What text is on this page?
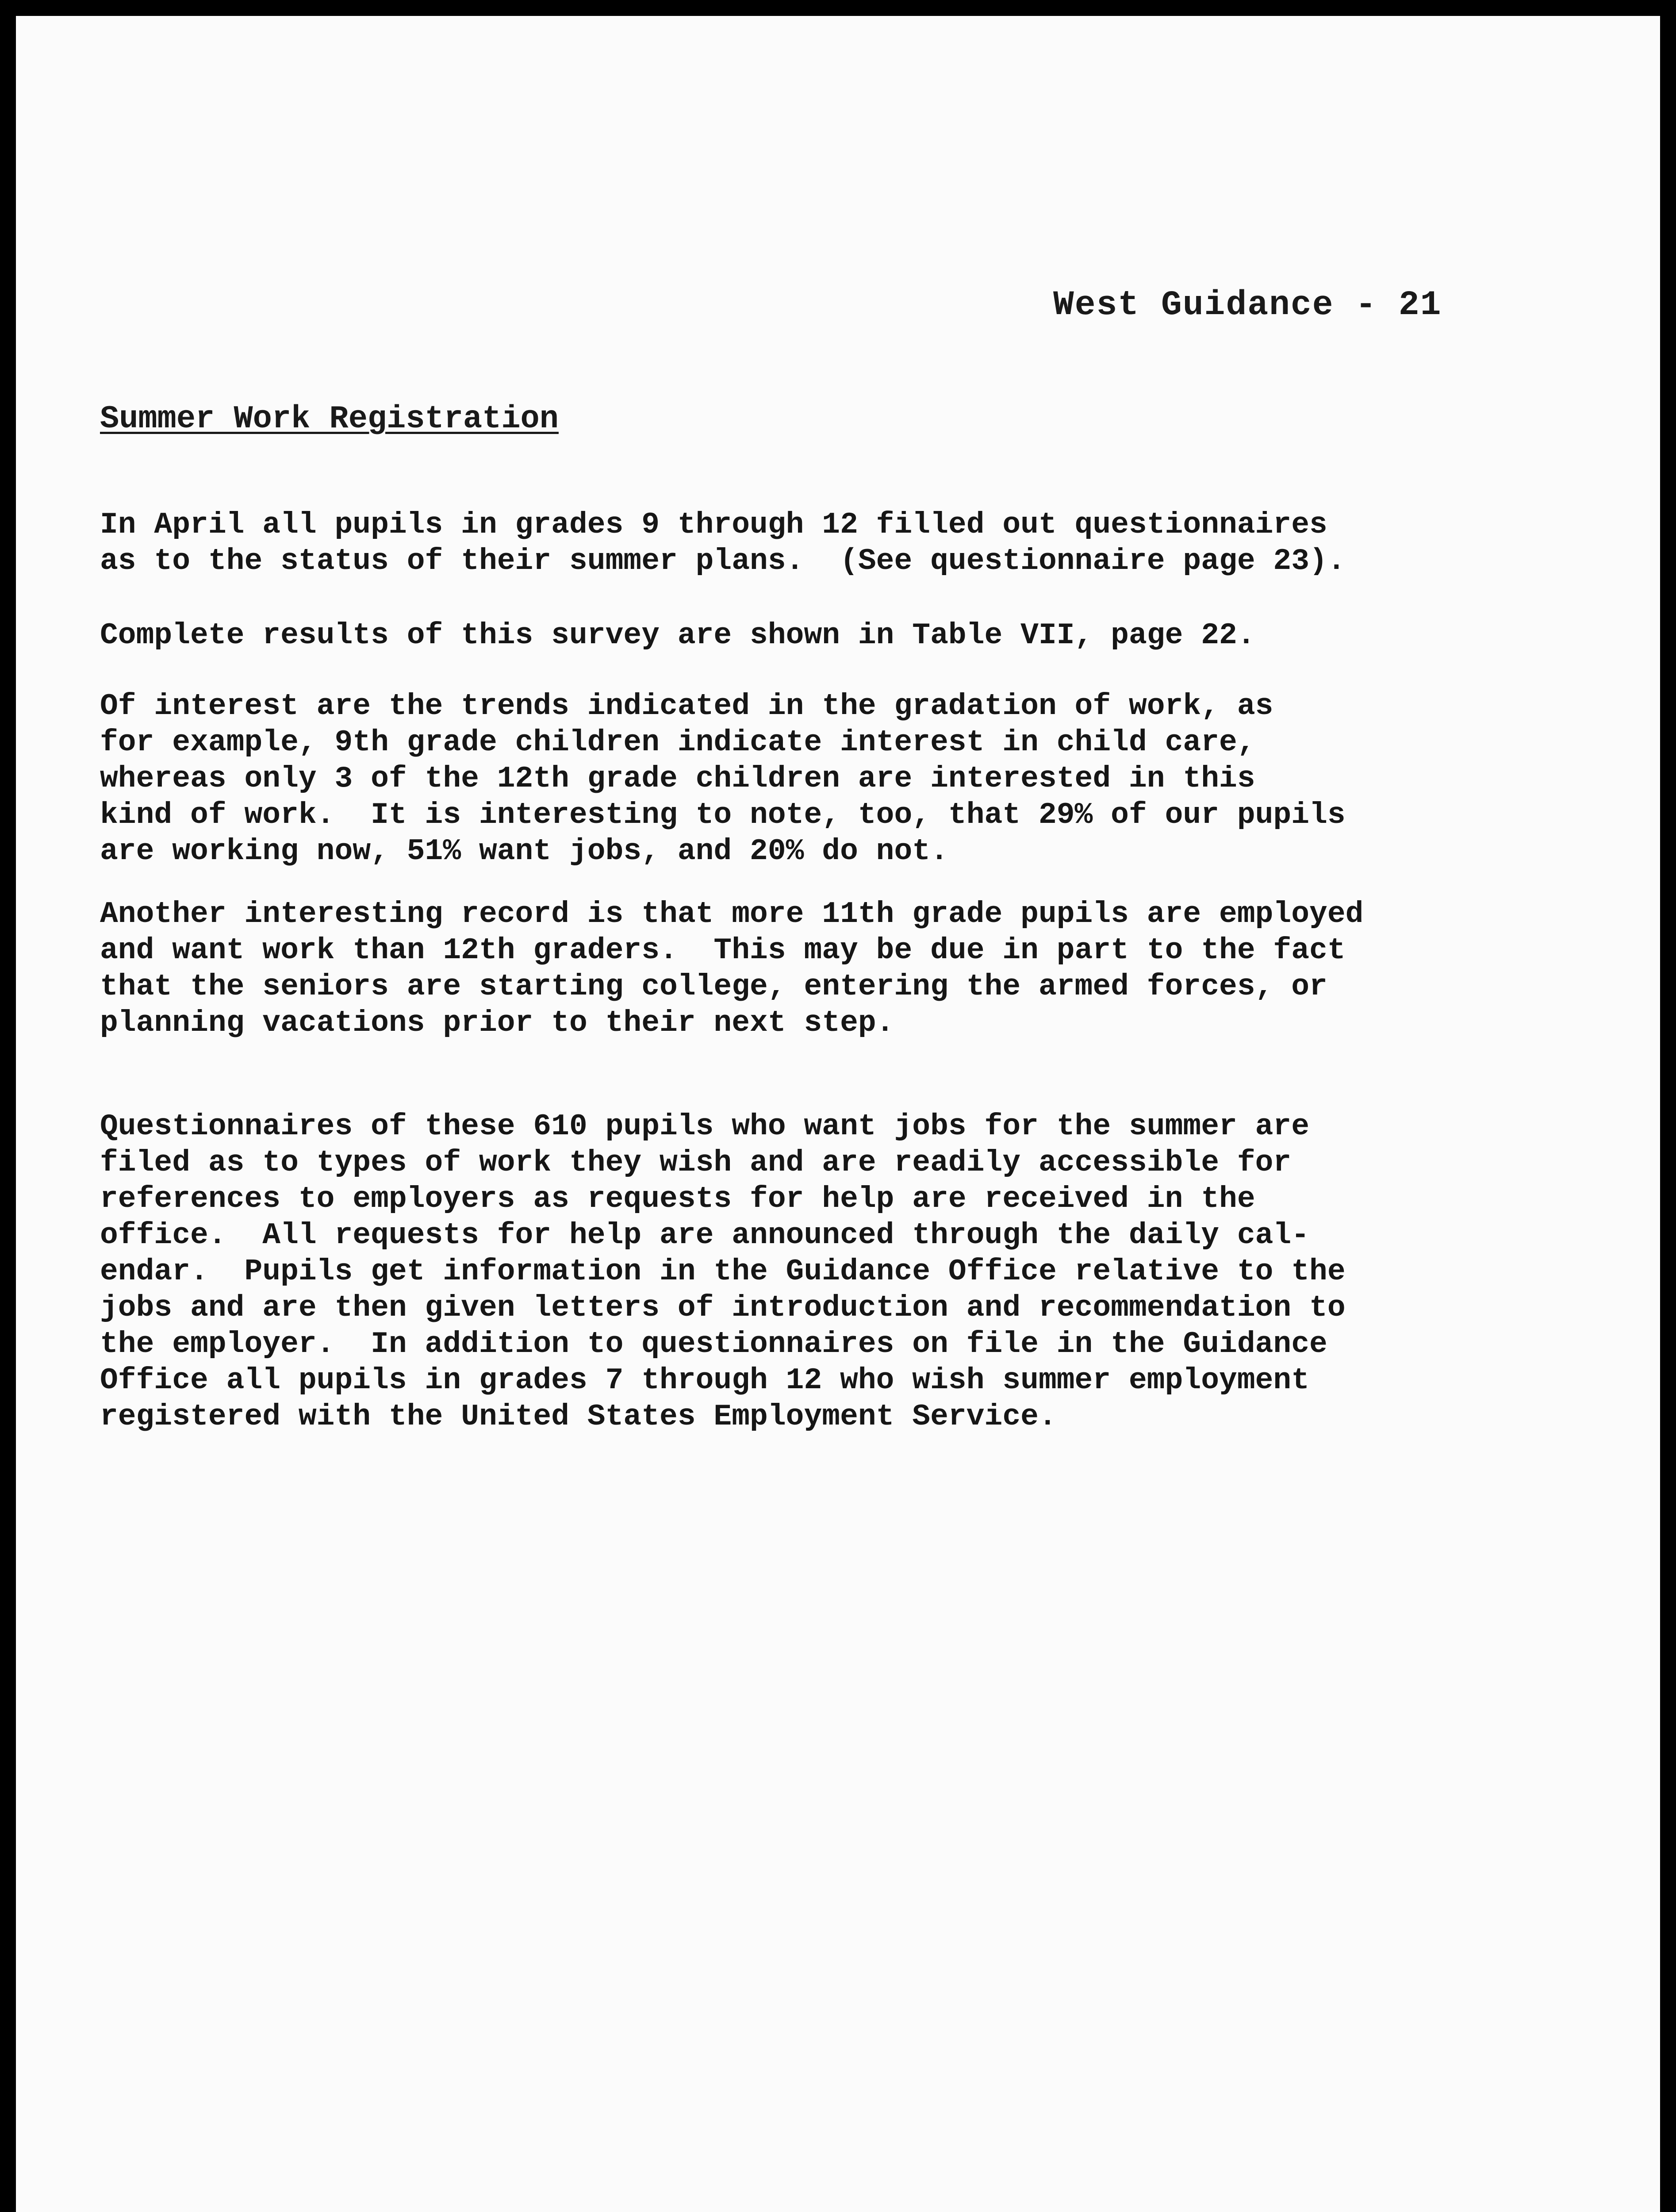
West Guidance - 21
Summer Work Registration

In April all pupils in grades 9 through 12 filled out questionnaires
as to the status of their summer plans.  (See questionnaire page 23).

Complete results of this survey are shown in Table VII, page 22.

Of interest are the trends indicated in the gradation of work, as
for example, 9th grade children indicate interest in child care,
whereas only 3 of the 12th grade children are interested in this
kind of work.  It is interesting to note, too, that 29% of our pupils
are working now, 51% want jobs, and 20% do not.

Another interesting record is that more 11th grade pupils are employed
and want work than 12th graders.  This may be due in part to the fact
that the seniors are starting college, entering the armed forces, or
planning vacations prior to their next step.

Questionnaires of these 610 pupils who want jobs for the summer are
filed as to types of work they wish and are readily accessible for
references to employers as requests for help are received in the
office.  All requests for help are announced through the daily cal-
endar.  Pupils get information in the Guidance Office relative to the
jobs and are then given letters of introduction and recommendation to
the employer.  In addition to questionnaires on file in the Guidance
Office all pupils in grades 7 through 12 who wish summer employment
registered with the United States Employment Service.
